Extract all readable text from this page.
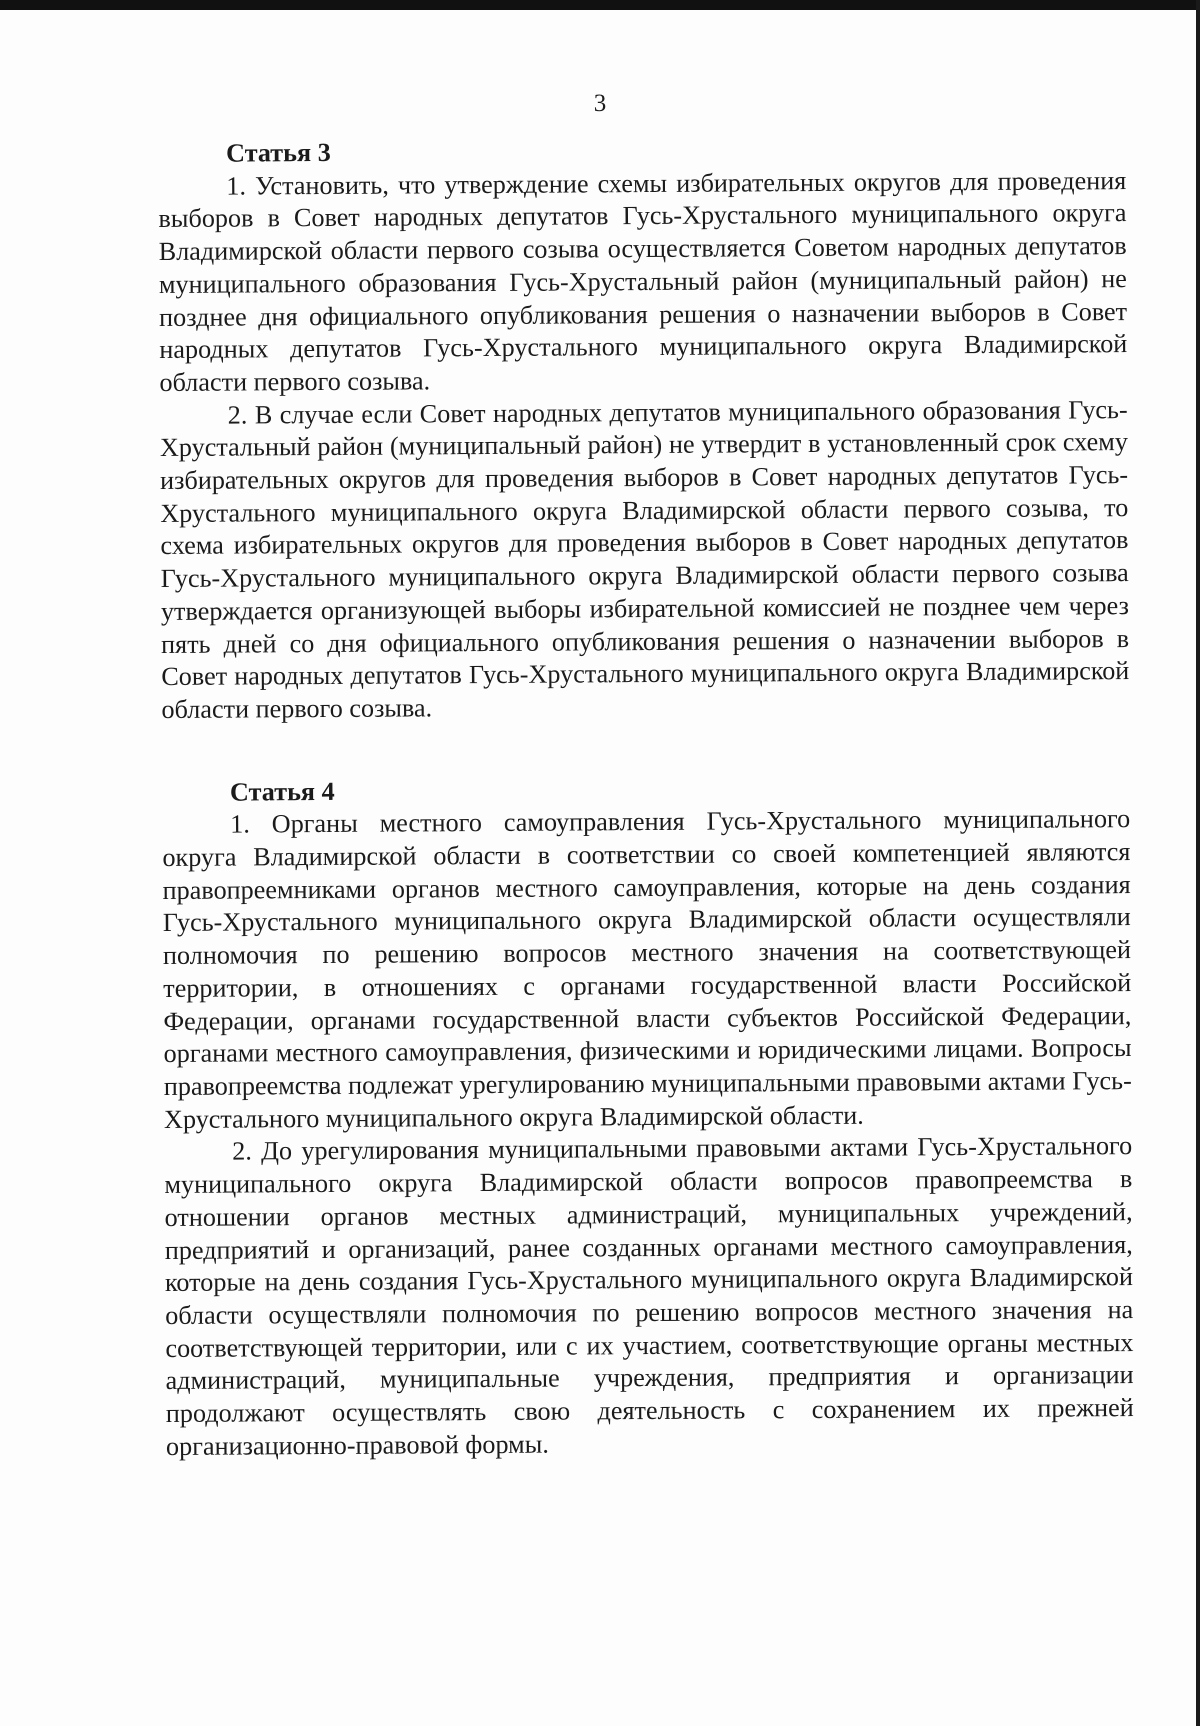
3

Статья 3

1. Установить, что утверждение схемы избирательных округов для проведения выборов в Совет народных депутатов Гусь-Хрустального муниципального округа Владимирской области первого созыва осуществляется Советом народных депутатов муниципального образования Гусь-Хрустальный район (муниципальный район) не позднее дня официального опубликования решения о назначении выборов в Совет народных депутатов Гусь-Хрустального муниципального округа Владимирской области первого созыва.

2. В случае если Совет народных депутатов муниципального образования Гусь-Хрустальный район (муниципальный район) не утвердит в установленный срок схему избирательных округов для проведения выборов в Совет народных депутатов Гусь-Хрустального муниципального округа Владимирской области первого созыва, то схема избирательных округов для проведения выборов в Совет народных депутатов Гусь-Хрустального муниципального округа Владимирской области первого созыва утверждается организующей выборы избирательной комиссией не позднее чем через пять дней со дня официального опубликования решения о назначении выборов в Совет народных депутатов Гусь-Хрустального муниципального округа Владимирской области первого созыва.

Статья 4

1. Органы местного самоуправления Гусь-Хрустального муниципального округа Владимирской области в соответствии со своей компетенцией являются правопреемниками органов местного самоуправления, которые на день создания Гусь-Хрустального муниципального округа Владимирской области осуществляли полномочия по решению вопросов местного значения на соответствующей территории, в отношениях с органами государственной власти Российской Федерации, органами государственной власти субъектов Российской Федерации, органами местного самоуправления, физическими и юридическими лицами. Вопросы правопреемства подлежат урегулированию муниципальными правовыми актами Гусь-Хрустального муниципального округа Владимирской области.

2. До урегулирования муниципальными правовыми актами Гусь-Хрустального муниципального округа Владимирской области вопросов правопреемства в отношении органов местных администраций, муниципальных учреждений, предприятий и организаций, ранее созданных органами местного самоуправления, которые на день создания Гусь-Хрустального муниципального округа Владимирской области осуществляли полномочия по решению вопросов местного значения на соответствующей территории, или с их участием, соответствующие органы местных администраций, муниципальные учреждения, предприятия и организации продолжают осуществлять свою деятельность с сохранением их прежней организационно-правовой формы.
